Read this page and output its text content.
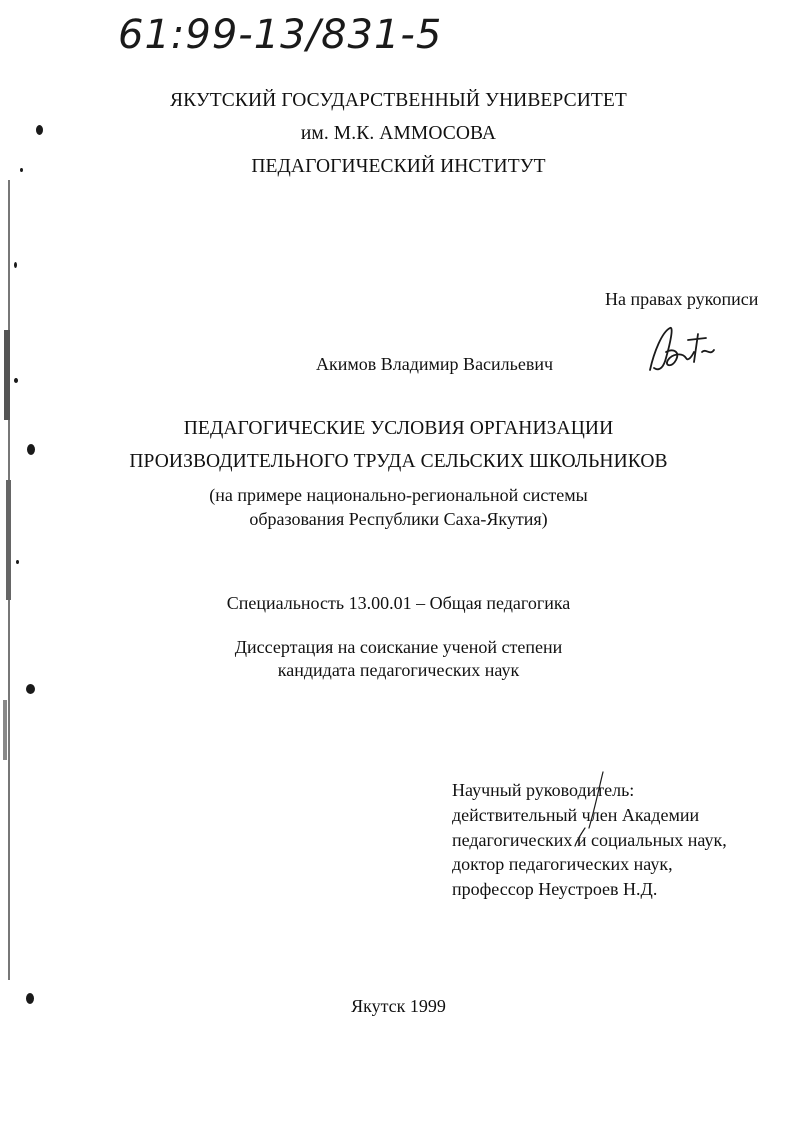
61:99-13/831-5
ЯКУТСКИЙ ГОСУДАРСТВЕННЫЙ УНИВЕРСИТЕТ
им. М.К. АММОСОВА
ПЕДАГОГИЧЕСКИЙ ИНСТИТУТ
На правах рукописи
Акимов Владимир Васильевич
ПЕДАГОГИЧЕСКИЕ УСЛОВИЯ ОРГАНИЗАЦИИ
ПРОИЗВОДИТЕЛЬНОГО ТРУДА СЕЛЬСКИХ ШКОЛЬНИКОВ
(на примере национально-региональной системы
образования Республики Саха-Якутия)
Специальность 13.00.01 – Общая педагогика
Диссертация на соискание ученой степени
кандидата педагогических наук
Научный руководитель:
действительный член Академии
педагогических и социальных наук,
доктор педагогических наук,
профессор Неустроев Н.Д.
Якутск 1999
